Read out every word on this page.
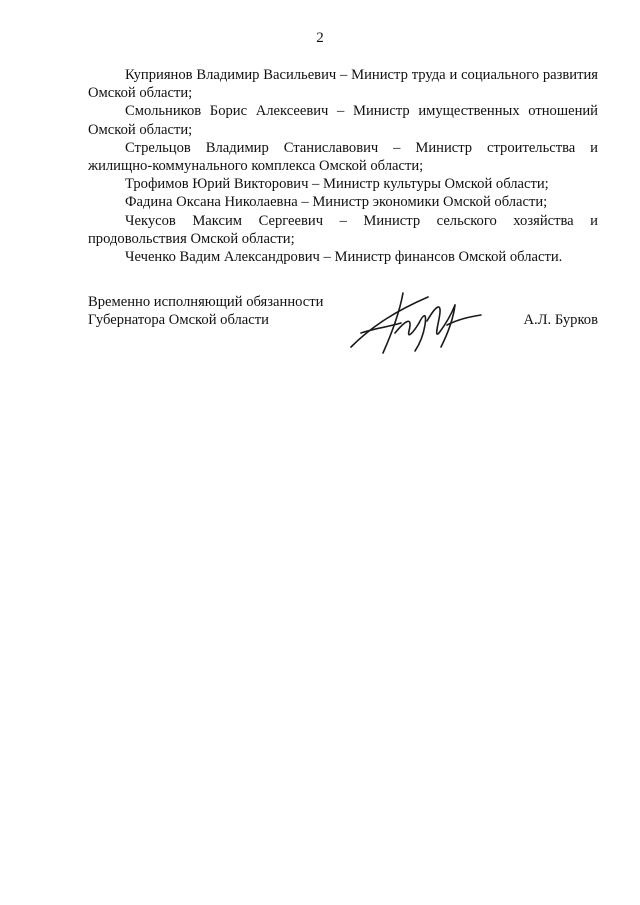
2

Куприянов Владимир Васильевич – Министр труда и социального развития Омской области;

Смольников Борис Алексеевич – Министр имущественных отношений Омской области;

Стрельцов Владимир Станиславович – Министр строительства и жилищно-коммунального комплекса Омской области;

Трофимов Юрий Викторович – Министр культуры Омской области;

Фадина Оксана Николаевна – Министр экономики Омской области;

Чекусов Максим Сергеевич – Министр сельского хозяйства и продовольствия Омской области;

Чеченко Вадим Александрович – Министр финансов Омской области.

Временно исполняющий обязанности
Губернатора Омской области	А.Л. Бурков
